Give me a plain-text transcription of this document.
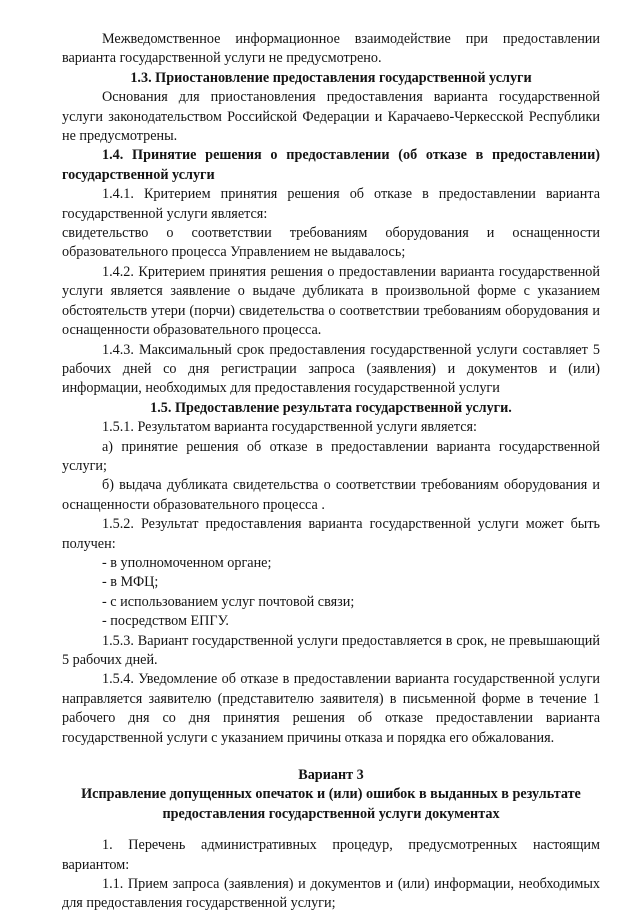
Межведомственное информационное взаимодействие при предоставлении варианта государственной услуги не предусмотрено.

1.3. Приостановление предоставления государственной услуги

Основания для приостановления предоставления варианта государственной услуги законодательством Российской Федерации и Карачаево-Черкесской Республики не предусмотрены.

1.4. Принятие решения о предоставлении (об отказе в предоставлении) государственной услуги

1.4.1. Критерием принятия решения об отказе в предоставлении варианта государственной услуги является:

свидетельство о соответствии требованиям оборудования и оснащенности образовательного процесса Управлением не выдавалось;

1.4.2. Критерием принятия решения о предоставлении варианта государственной услуги является заявление о выдаче дубликата в произвольной форме с указанием обстоятельств утери (порчи) свидетельства о соответствии требованиям оборудования и оснащенности образовательного процесса.

1.4.3. Максимальный срок предоставления государственной услуги составляет 5 рабочих дней со дня регистрации запроса (заявления) и документов и (или) информации, необходимых для предоставления государственной услуги

1.5. Предоставление результата государственной услуги.

1.5.1. Результатом варианта государственной услуги является:

а) принятие решения об отказе в предоставлении варианта государственной услуги;

б) выдача дубликата свидетельства о соответствии требованиям оборудования и оснащенности образовательного процесса .

1.5.2. Результат предоставления варианта государственной услуги может быть получен:

- в уполномоченном органе;

- в МФЦ;

- с использованием услуг почтовой связи;

- посредством ЕПГУ.

1.5.3. Вариант государственной услуги предоставляется в срок, не превышающий 5 рабочих дней.

1.5.4. Уведомление об отказе в предоставлении варианта государственной услуги направляется заявителю (представителю заявителя) в письменной форме в течение 1 рабочего дня со дня принятия решения об отказе предоставлении варианта государственной услуги с указанием причины отказа и порядка его обжалования.

Вариант 3

Исправление допущенных опечаток и (или) ошибок в выданных в результате предоставления государственной услуги документах

1. Перечень административных процедур, предусмотренных настоящим вариантом:

1.1. Прием запроса (заявления) и документов и (или) информации, необходимых для предоставления государственной услуги;
